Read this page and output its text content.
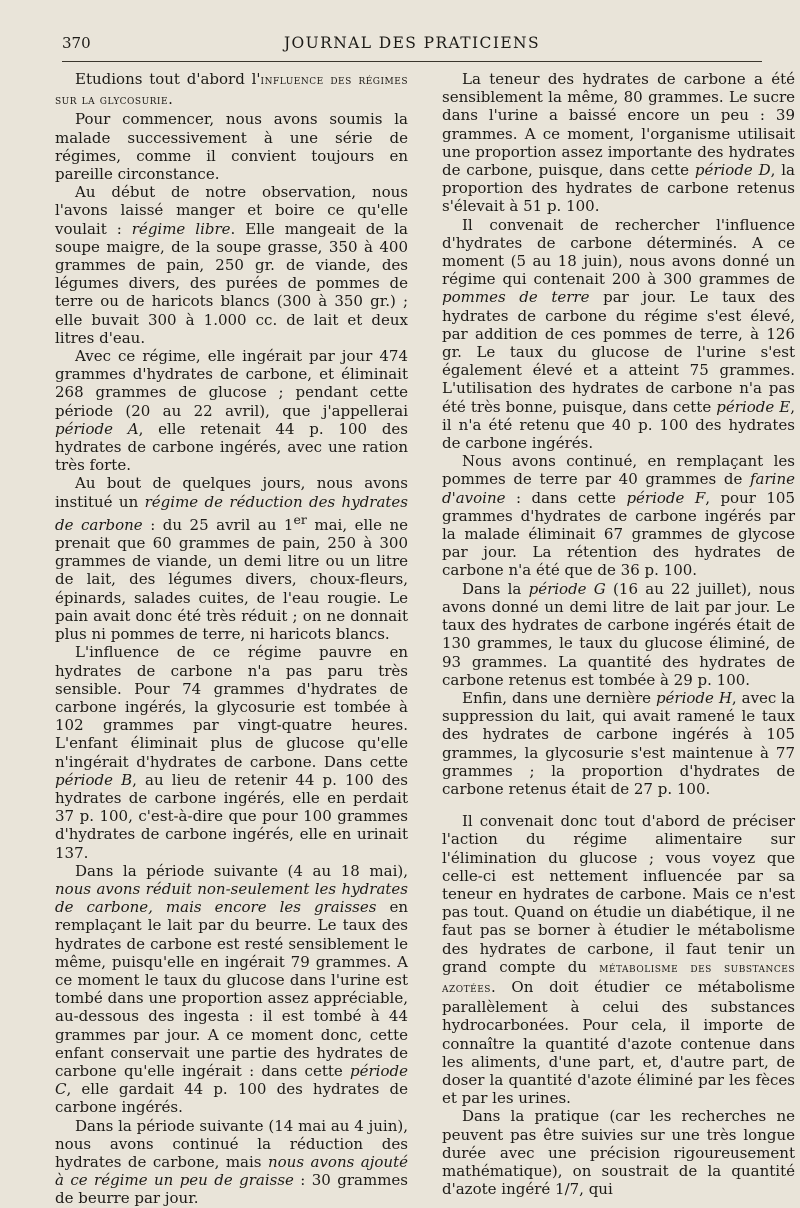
370	JOURNAL DES PRATICIENS

Etudions tout d'abord l'influence des régimes sur la glycosurie.

Pour commencer, nous avons soumis la malade successivement à une série de régimes, comme il convient toujours en pareille circonstance.

Au début de notre observation, nous l'avons laissé manger et boire ce qu'elle voulait : régime libre. Elle mangeait de la soupe maigre, de la soupe grasse, 350 à 400 grammes de pain, 250 gr. de viande, des légumes divers, des purées de pommes de terre ou de haricots blancs (300 à 350 gr.) ; elle buvait 300 à 1.000 cc. de lait et deux litres d'eau.

Avec ce régime, elle ingérait par jour 474 grammes d'hydrates de carbone, et éliminait 268 grammes de glucose ; pendant cette période (20 au 22 avril), que j'appellerai période A, elle retenait 44 p. 100 des hydrates de carbone ingérés, avec une ration très forte.

Au bout de quelques jours, nous avons institué un régime de réduction des hydrates de carbone : du 25 avril au 1er mai, elle ne prenait que 60 grammes de pain, 250 à 300 grammes de viande, un demi litre ou un litre de lait, des légumes divers, choux-fleurs, épinards, salades cuites, de l'eau rougie. Le pain avait donc été très réduit ; on ne donnait plus ni pommes de terre, ni haricots blancs.

L'influence de ce régime pauvre en hydrates de carbone n'a pas paru très sensible. Pour 74 grammes d'hydrates de carbone ingérés, la glycosurie est tombée à 102 grammes par vingt-quatre heures. L'enfant éliminait plus de glucose qu'elle n'ingérait d'hydrates de carbone. Dans cette période B, au lieu de retenir 44 p. 100 des hydrates de carbone ingérés, elle en perdait 37 p. 100, c'est-à-dire que pour 100 grammes d'hydrates de carbone ingérés, elle en urinait 137.

Dans la période suivante (4 au 18 mai), nous avons réduit non-seulement les hydrates de carbone, mais encore les graisses en remplaçant le lait par du beurre. Le taux des hydrates de carbone est resté sensiblement le même, puisqu'elle en ingérait 79 grammes. A ce moment le taux du glucose dans l'urine est tombé dans une proportion assez appréciable, au-dessous des ingesta : il est tombé à 44 grammes par jour. A ce moment donc, cette enfant conservait une partie des hydrates de carbone qu'elle ingérait : dans cette période C, elle gardait 44 p. 100 des hydrates de carbone ingérés.

Dans la période suivante (14 mai au 4 juin), nous avons continué la réduction des hydrates de carbone, mais nous avons ajouté à ce régime un peu de graisse : 30 grammes de beurre par jour.

La teneur des hydrates de carbone a été sensiblement la même, 80 grammes. Le sucre dans l'urine a baissé encore un peu : 39 grammes. A ce moment, l'organisme utilisait une proportion assez importante des hydrates de carbone, puisque, dans cette période D, la proportion des hydrates de carbone retenus s'élevait à 51 p. 100.

Il convenait de rechercher l'influence d'hydrates de carbone déterminés. A ce moment (5 au 18 juin), nous avons donné un régime qui contenait 200 à 300 grammes de pommes de terre par jour. Le taux des hydrates de carbone du régime s'est élevé, par addition de ces pommes de terre, à 126 gr. Le taux du glucose de l'urine s'est également élevé et a atteint 75 grammes. L'utilisation des hydrates de carbone n'a pas été très bonne, puisque, dans cette période E, il n'a été retenu que 40 p. 100 des hydrates de carbone ingérés.

Nous avons continué, en remplaçant les pommes de terre par 40 grammes de farine d'avoine : dans cette période F, pour 105 grammes d'hydrates de carbone ingérés par la malade éliminait 67 grammes de glycose par jour. La rétention des hydrates de carbone n'a été que de 36 p. 100.

Dans la période G (16 au 22 juillet), nous avons donné un demi litre de lait par jour. Le taux des hydrates de carbone ingérés était de 130 grammes, le taux du glucose éliminé, de 93 grammes. La quantité des hydrates de carbone retenus est tombée à 29 p. 100.

Enfin, dans une dernière période H, avec la suppression du lait, qui avait ramené le taux des hydrates de carbone ingérés à 105 grammes, la glycosurie s'est maintenue à 77 grammes ; la proportion d'hydrates de carbone retenus était de 27 p. 100.

Il convenait donc tout d'abord de préciser l'action du régime alimentaire sur l'élimination du glucose ; vous voyez que celle-ci est nettement influencée par sa teneur en hydrates de carbone. Mais ce n'est pas tout. Quand on étudie un diabétique, il ne faut pas se borner à étudier le métabolisme des hydrates de carbone, il faut tenir un grand compte du métabolisme des substances azotées. On doit étudier ce métabolisme parallèlement à celui des substances hydrocarbonées. Pour cela, il importe de connaître la quantité d'azote contenue dans les aliments, d'une part, et, d'autre part, de doser la quantité d'azote éliminé par les fèces et par les urines.

Dans la pratique (car les recherches ne peuvent pas être suivies sur une très longue durée avec une précision rigoureusement mathématique), on soustrait de la quantité d'azote ingéré 1/7, qui
